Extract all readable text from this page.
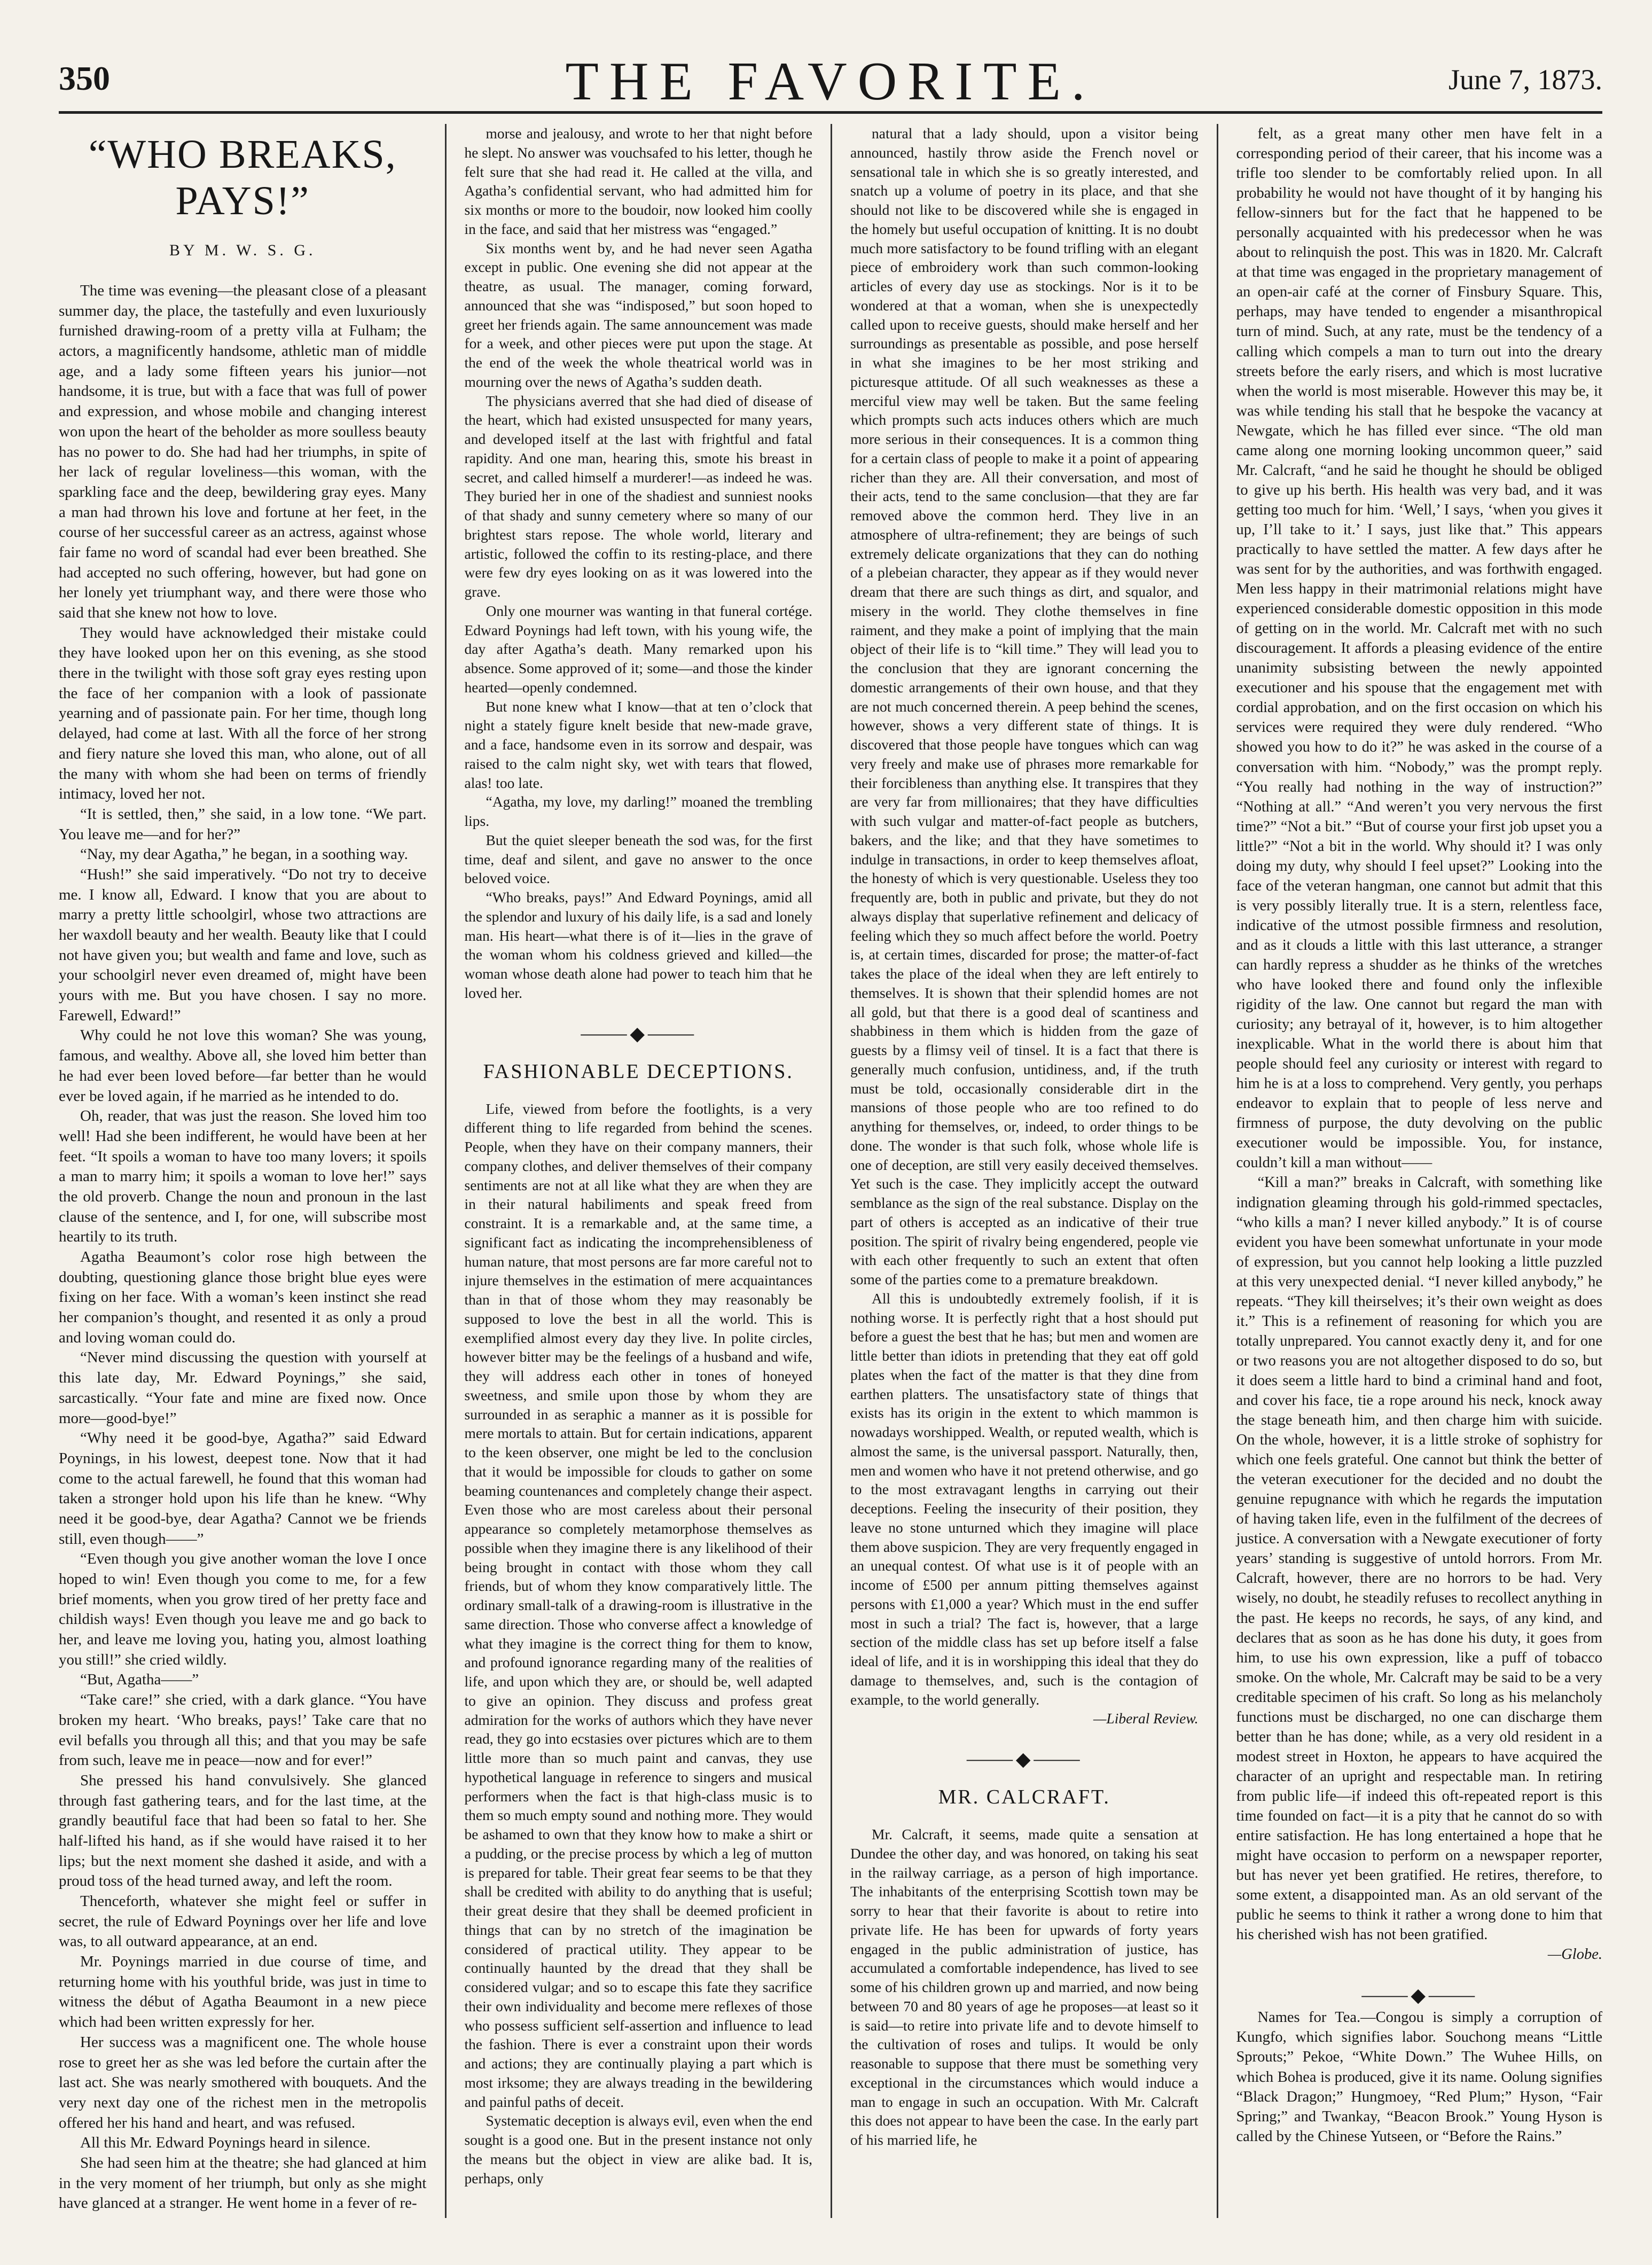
350	THE FAVORITE.	June 7, 1873.
“WHO BREAKS, PAYS!”
BY M. W. S. G.

The time was evening—the pleasant close of a pleasant summer day, the place, the tastefully and even luxuriously furnished drawing-room of a pretty villa at Fulham; the actors, a magnificently handsome, athletic man of middle age, and a lady some fifteen years his junior—not handsome, it is true, but with a face that was full of power and expression, and whose mobile and changing interest won upon the heart of the beholder as more soulless beauty has no power to do. She had had her triumphs, in spite of her lack of regular loveliness—this woman, with the sparkling face and the deep, bewildering gray eyes. Many a man had thrown his love and fortune at her feet, in the course of her successful career as an actress, against whose fair fame no word of scandal had ever been breathed. She had accepted no such offering, however, but had gone on her lonely yet triumphant way, and there were those who said that she knew not how to love.

They would have acknowledged their mistake could they have looked upon her on this evening, as she stood there in the twilight with those soft gray eyes resting upon the face of her companion with a look of passionate yearning and of passionate pain. For her time, though long delayed, had come at last. With all the force of her strong and fiery nature she loved this man, who alone, out of all the many with whom she had been on terms of friendly intimacy, loved her not.

“It is settled, then,” she said, in a low tone. “We part. You leave me—and for her?”

“Nay, my dear Agatha,” he began, in a soothing way.

“Hush!” she said imperatively. “Do not try to deceive me. I know all, Edward. I know that you are about to marry a pretty little schoolgirl, whose two attractions are her waxdoll beauty and her wealth. Beauty like that I could not have given you; but wealth and fame and love, such as your schoolgirl never even dreamed of, might have been yours with me. But you have chosen. I say no more. Farewell, Edward!”

Why could he not love this woman? She was young, famous, and wealthy. Above all, she loved him better than he had ever been loved before—far better than he would ever be loved again, if he married as he intended to do.

Oh, reader, that was just the reason. She loved him too well! Had she been indifferent, he would have been at her feet. “It spoils a woman to have too many lovers; it spoils a man to marry him; it spoils a woman to love her!” says the old proverb. Change the noun and pronoun in the last clause of the sentence, and I, for one, will subscribe most heartily to its truth.

Agatha Beaumont’s color rose high between the doubting, questioning glance those bright blue eyes were fixing on her face. With a woman’s keen instinct she read her companion’s thought, and resented it as only a proud and loving woman could do.

“Never mind discussing the question with yourself at this late day, Mr. Edward Poynings,” she said, sarcastically. “Your fate and mine are fixed now. Once more—good-bye!”

“Why need it be good-bye, Agatha?” said Edward Poynings, in his lowest, deepest tone. Now that it had come to the actual farewell, he found that this woman had taken a stronger hold upon his life than he knew. “Why need it be good-bye, dear Agatha? Cannot we be friends still, even though——”

“Even though you give another woman the love I once hoped to win! Even though you come to me, for a few brief moments, when you grow tired of her pretty face and childish ways! Even though you leave me and go back to her, and leave me loving you, hating you, almost loathing you still!” she cried wildly.

“But, Agatha——”

“Take care!” she cried, with a dark glance. “You have broken my heart. ‘Who breaks, pays!’ Take care that no evil befalls you through all this; and that you may be safe from such, leave me in peace—now and for ever!”

She pressed his hand convulsively. She glanced through fast gathering tears, and for the last time, at the grandly beautiful face that had been so fatal to her. She half-lifted his hand, as if she would have raised it to her lips; but the next moment she dashed it aside, and with a proud toss of the head turned away, and left the room.

Thenceforth, whatever she might feel or suffer in secret, the rule of Edward Poynings over her life and love was, to all outward appearance, at an end.

Mr. Poynings married in due course of time, and returning home with his youthful bride, was just in time to witness the début of Agatha Beaumont in a new piece which had been written expressly for her.

Her success was a magnificent one. The whole house rose to greet her as she was led before the curtain after the last act. She was nearly smothered with bouquets. And the very next day one of the richest men in the metropolis offered her his hand and heart, and was refused.

All this Mr. Edward Poynings heard in silence.

She had seen him at the theatre; she had glanced at him in the very moment of her triumph, but only as she might have glanced at a stranger. He went home in a fever of re-

morse and jealousy, and wrote to her that night before he slept. No answer was vouchsafed to his letter, though he felt sure that she had read it. He called at the villa, and Agatha’s confidential servant, who had admitted him for six months or more to the boudoir, now looked him coolly in the face, and said that her mistress was “engaged.”

Six months went by, and he had never seen Agatha except in public. One evening she did not appear at the theatre, as usual. The manager, coming forward, announced that she was “indisposed,” but soon hoped to greet her friends again. The same announcement was made for a week, and other pieces were put upon the stage. At the end of the week the whole theatrical world was in mourning over the news of Agatha’s sudden death.

The physicians averred that she had died of disease of the heart, which had existed unsuspected for many years, and developed itself at the last with frightful and fatal rapidity. And one man, hearing this, smote his breast in secret, and called himself a murderer!—as indeed he was. They buried her in one of the shadiest and sunniest nooks of that shady and sunny cemetery where so many of our brightest stars repose. The whole world, literary and artistic, followed the coffin to its resting-place, and there were few dry eyes looking on as it was lowered into the grave.

Only one mourner was wanting in that funeral cortége. Edward Poynings had left town, with his young wife, the day after Agatha’s death. Many remarked upon his absence. Some approved of it; some—and those the kinder hearted—openly condemned.

But none knew what I know—that at ten o’clock that night a stately figure knelt beside that new-made grave, and a face, handsome even in its sorrow and despair, was raised to the calm night sky, wet with tears that flowed, alas! too late.

“Agatha, my love, my darling!” moaned the trembling lips.

But the quiet sleeper beneath the sod was, for the first time, deaf and silent, and gave no answer to the once beloved voice.

“Who breaks, pays!” And Edward Poynings, amid all the splendor and luxury of his daily life, is a sad and lonely man. His heart—what there is of it—lies in the grave of the woman whom his coldness grieved and killed—the woman whose death alone had power to teach him that he loved her.

⸻◆⸻
FASHIONABLE DECEPTIONS.

Life, viewed from before the footlights, is a very different thing to life regarded from behind the scenes. People, when they have on their company manners, their company clothes, and deliver themselves of their company sentiments are not at all like what they are when they are in their natural habiliments and speak freed from constraint. It is a remarkable and, at the same time, a significant fact as indicating the incomprehensibleness of human nature, that most persons are far more careful not to injure themselves in the estimation of mere acquaintances than in that of those whom they may reasonably be supposed to love the best in all the world. This is exemplified almost every day they live. In polite circles, however bitter may be the feelings of a husband and wife, they will address each other in tones of honeyed sweetness, and smile upon those by whom they are surrounded in as seraphic a manner as it is possible for mere mortals to attain. But for certain indications, apparent to the keen observer, one might be led to the conclusion that it would be impossible for clouds to gather on some beaming countenances and completely change their aspect. Even those who are most careless about their personal appearance so completely metamorphose themselves as possible when they imagine there is any likelihood of their being brought in contact with those whom they call friends, but of whom they know comparatively little. The ordinary small-talk of a drawing-room is illustrative in the same direction. Those who converse affect a knowledge of what they imagine is the correct thing for them to know, and profound ignorance regarding many of the realities of life, and upon which they are, or should be, well adapted to give an opinion. They discuss and profess great admiration for the works of authors which they have never read, they go into ecstasies over pictures which are to them little more than so much paint and canvas, they use hypothetical language in reference to singers and musical performers when the fact is that high-class music is to them so much empty sound and nothing more. They would be ashamed to own that they know how to make a shirt or a pudding, or the precise process by which a leg of mutton is prepared for table. Their great fear seems to be that they shall be credited with ability to do anything that is useful; their great desire that they shall be deemed proficient in things that can by no stretch of the imagination be considered of practical utility. They appear to be continually haunted by the dread that they shall be considered vulgar; and so to escape this fate they sacrifice their own individuality and become mere reflexes of those who possess sufficient self-assertion and influence to lead the fashion. There is ever a constraint upon their words and actions; they are continually playing a part which is most irksome; they are always treading in the bewildering and painful paths of deceit.

Systematic deception is always evil, even when the end sought is a good one. But in the present instance not only the means but the object in view are alike bad. It is, perhaps, only

natural that a lady should, upon a visitor being announced, hastily throw aside the French novel or sensational tale in which she is so greatly interested, and snatch up a volume of poetry in its place, and that she should not like to be discovered while she is engaged in the homely but useful occupation of knitting. It is no doubt much more satisfactory to be found trifling with an elegant piece of embroidery work than such common-looking articles of every day use as stockings. Nor is it to be wondered at that a woman, when she is unexpectedly called upon to receive guests, should make herself and her surroundings as presentable as possible, and pose herself in what she imagines to be her most striking and picturesque attitude. Of all such weaknesses as these a merciful view may well be taken. But the same feeling which prompts such acts induces others which are much more serious in their consequences. It is a common thing for a certain class of people to make it a point of appearing richer than they are. All their conversation, and most of their acts, tend to the same conclusion—that they are far removed above the common herd. They live in an atmosphere of ultra-refinement; they are beings of such extremely delicate organizations that they can do nothing of a plebeian character, they appear as if they would never dream that there are such things as dirt, and squalor, and misery in the world. They clothe themselves in fine raiment, and they make a point of implying that the main object of their life is to “kill time.” They will lead you to the conclusion that they are ignorant concerning the domestic arrangements of their own house, and that they are not much concerned therein. A peep behind the scenes, however, shows a very different state of things. It is discovered that those people have tongues which can wag very freely and make use of phrases more remarkable for their forcibleness than anything else. It transpires that they are very far from millionaires; that they have difficulties with such vulgar and matter-of-fact people as butchers, bakers, and the like; and that they have sometimes to indulge in transactions, in order to keep themselves afloat, the honesty of which is very questionable. Useless they too frequently are, both in public and private, but they do not always display that superlative refinement and delicacy of feeling which they so much affect before the world. Poetry is, at certain times, discarded for prose; the matter-of-fact takes the place of the ideal when they are left entirely to themselves. It is shown that their splendid homes are not all gold, but that there is a good deal of scantiness and shabbiness in them which is hidden from the gaze of guests by a flimsy veil of tinsel. It is a fact that there is generally much confusion, untidiness, and, if the truth must be told, occasionally considerable dirt in the mansions of those people who are too refined to do anything for themselves, or, indeed, to order things to be done. The wonder is that such folk, whose whole life is one of deception, are still very easily deceived themselves. Yet such is the case. They implicitly accept the outward semblance as the sign of the real substance. Display on the part of others is accepted as an indicative of their true position. The spirit of rivalry being engendered, people vie with each other frequently to such an extent that often some of the parties come to a premature breakdown.

All this is undoubtedly extremely foolish, if it is nothing worse. It is perfectly right that a host should put before a guest the best that he has; but men and women are little better than idiots in pretending that they eat off gold plates when the fact of the matter is that they dine from earthen platters. The unsatisfactory state of things that exists has its origin in the extent to which mammon is nowadays worshipped. Wealth, or reputed wealth, which is almost the same, is the universal passport. Naturally, then, men and women who have it not pretend otherwise, and go to the most extravagant lengths in carrying out their deceptions. Feeling the insecurity of their position, they leave no stone unturned which they imagine will place them above suspicion. They are very frequently engaged in an unequal contest. Of what use is it of people with an income of £500 per annum pitting themselves against persons with £1,000 a year? Which must in the end suffer most in such a trial? The fact is, however, that a large section of the middle class has set up before itself a false ideal of life, and it is in worshipping this ideal that they do damage to themselves, and, such is the contagion of example, to the world generally.

—Liberal Review.

⸻◆⸻
MR. CALCRAFT.

Mr. Calcraft, it seems, made quite a sensation at Dundee the other day, and was honored, on taking his seat in the railway carriage, as a person of high importance. The inhabitants of the enterprising Scottish town may be sorry to hear that their favorite is about to retire into private life. He has been for upwards of forty years engaged in the public administration of justice, has accumulated a comfortable independence, has lived to see some of his children grown up and married, and now being between 70 and 80 years of age he proposes—at least so it is said—to retire into private life and to devote himself to the cultivation of roses and tulips. It would be only reasonable to suppose that there must be something very exceptional in the circumstances which would induce a man to engage in such an occupation. With Mr. Calcraft this does not appear to have been the case. In the early part of his married life, he

felt, as a great many other men have felt in a corresponding period of their career, that his income was a trifle too slender to be comfortably relied upon. In all probability he would not have thought of it by hanging his fellow-sinners but for the fact that he happened to be personally acquainted with his predecessor when he was about to relinquish the post. This was in 1820. Mr. Calcraft at that time was engaged in the proprietary management of an open-air café at the corner of Finsbury Square. This, perhaps, may have tended to engender a misanthropical turn of mind. Such, at any rate, must be the tendency of a calling which compels a man to turn out into the dreary streets before the early risers, and which is most lucrative when the world is most miserable. However this may be, it was while tending his stall that he bespoke the vacancy at Newgate, which he has filled ever since. “The old man came along one morning looking uncommon queer,” said Mr. Calcraft, “and he said he thought he should be obliged to give up his berth. His health was very bad, and it was getting too much for him. ‘Well,’ I says, ‘when you gives it up, I’ll take to it.’ I says, just like that.” This appears practically to have settled the matter. A few days after he was sent for by the authorities, and was forthwith engaged. Men less happy in their matrimonial relations might have experienced considerable domestic opposition in this mode of getting on in the world. Mr. Calcraft met with no such discouragement. It affords a pleasing evidence of the entire unanimity subsisting between the newly appointed executioner and his spouse that the engagement met with cordial approbation, and on the first occasion on which his services were required they were duly rendered. “Who showed you how to do it?” he was asked in the course of a conversation with him. “Nobody,” was the prompt reply. “You really had nothing in the way of instruction?” “Nothing at all.” “And weren’t you very nervous the first time?” “Not a bit.” “But of course your first job upset you a little?” “Not a bit in the world. Why should it? I was only doing my duty, why should I feel upset?” Looking into the face of the veteran hangman, one cannot but admit that this is very possibly literally true. It is a stern, relentless face, indicative of the utmost possible firmness and resolution, and as it clouds a little with this last utterance, a stranger can hardly repress a shudder as he thinks of the wretches who have looked there and found only the inflexible rigidity of the law. One cannot but regard the man with curiosity; any betrayal of it, however, is to him altogether inexplicable. What in the world there is about him that people should feel any curiosity or interest with regard to him he is at a loss to comprehend. Very gently, you perhaps endeavor to explain that to people of less nerve and firmness of purpose, the duty devolving on the public executioner would be impossible. You, for instance, couldn’t kill a man without——

“Kill a man?” breaks in Calcraft, with something like indignation gleaming through his gold-rimmed spectacles, “who kills a man? I never killed anybody.” It is of course evident you have been somewhat unfortunate in your mode of expression, but you cannot help looking a little puzzled at this very unexpected denial. “I never killed anybody,” he repeats. “They kill theirselves; it’s their own weight as does it.” This is a refinement of reasoning for which you are totally unprepared. You cannot exactly deny it, and for one or two reasons you are not altogether disposed to do so, but it does seem a little hard to bind a criminal hand and foot, and cover his face, tie a rope around his neck, knock away the stage beneath him, and then charge him with suicide. On the whole, however, it is a little stroke of sophistry for which one feels grateful. One cannot but think the better of the veteran executioner for the decided and no doubt the genuine repugnance with which he regards the imputation of having taken life, even in the fulfilment of the decrees of justice. A conversation with a Newgate executioner of forty years’ standing is suggestive of untold horrors. From Mr. Calcraft, however, there are no horrors to be had. Very wisely, no doubt, he steadily refuses to recollect anything in the past. He keeps no records, he says, of any kind, and declares that as soon as he has done his duty, it goes from him, to use his own expression, like a puff of tobacco smoke. On the whole, Mr. Calcraft may be said to be a very creditable specimen of his craft. So long as his melancholy functions must be discharged, no one can discharge them better than he has done; while, as a very old resident in a modest street in Hoxton, he appears to have acquired the character of an upright and respectable man. In retiring from public life—if indeed this oft-repeated report is this time founded on fact—it is a pity that he cannot do so with entire satisfaction. He has long entertained a hope that he might have occasion to perform on a newspaper reporter, but has never yet been gratified. He retires, therefore, to some extent, a disappointed man. As an old servant of the public he seems to think it rather a wrong done to him that his cherished wish has not been gratified.

—Globe.

⸻◆⸻

Names for Tea.—Congou is simply a corruption of Kungfo, which signifies labor. Souchong means “Little Sprouts;” Pekoe, “White Down.” The Wuhee Hills, on which Bohea is produced, give it its name. Oolung signifies “Black Dragon;” Hungmoey, “Red Plum;” Hyson, “Fair Spring;” and Twankay, “Beacon Brook.” Young Hyson is called by the Chinese Yutseen, or “Before the Rains.”
